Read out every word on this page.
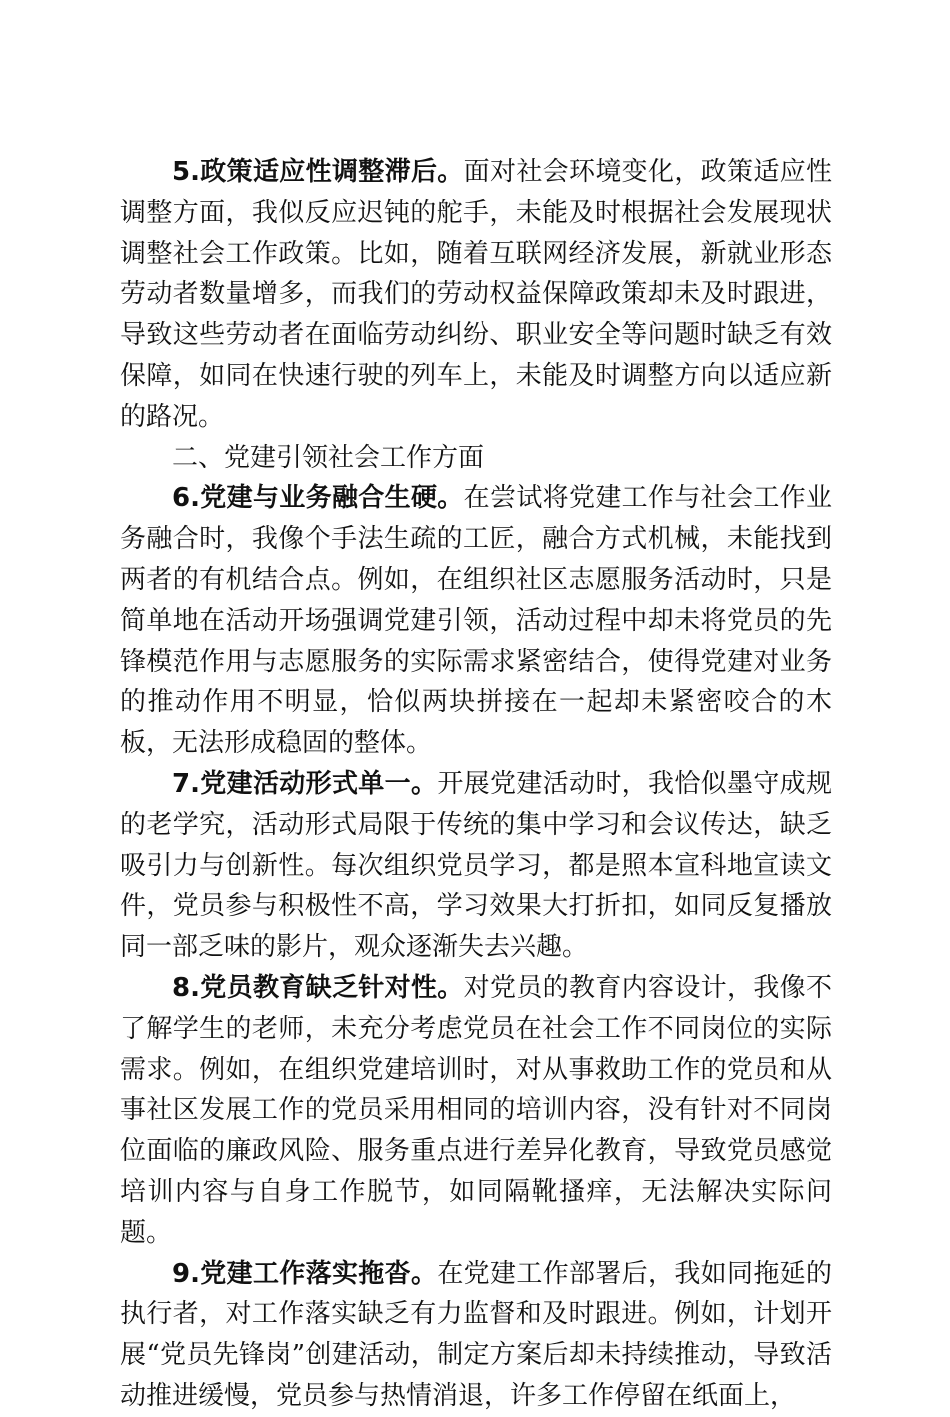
5.政策适应性调整滞后。面对社会环境变化，政策适应性调整方面，我似反应迟钝的舵手，未能及时根据社会发展现状调整社会工作政策。比如，随着互联网经济发展，新就业形态劳动者数量增多，而我们的劳动权益保障政策却未及时跟进，导致这些劳动者在面临劳动纠纷、职业安全等问题时缺乏有效保障，如同在快速行驶的列车上，未能及时调整方向以适应新的路况。

二、党建引领社会工作方面

6.党建与业务融合生硬。在尝试将党建工作与社会工作业务融合时，我像个手法生疏的工匠，融合方式机械，未能找到两者的有机结合点。例如，在组织社区志愿服务活动时，只是简单地在活动开场强调党建引领，活动过程中却未将党员的先锋模范作用与志愿服务的实际需求紧密结合，使得党建对业务的推动作用不明显，恰似两块拼接在一起却未紧密咬合的木板，无法形成稳固的整体。

7.党建活动形式单一。开展党建活动时，我恰似墨守成规的老学究，活动形式局限于传统的集中学习和会议传达，缺乏吸引力与创新性。每次组织党员学习，都是照本宣科地宣读文件，党员参与积极性不高，学习效果大打折扣，如同反复播放同一部乏味的影片，观众逐渐失去兴趣。

8.党员教育缺乏针对性。对党员的教育内容设计，我像不了解学生的老师，未充分考虑党员在社会工作不同岗位的实际需求。例如，在组织党建培训时，对从事救助工作的党员和从事社区发展工作的党员采用相同的培训内容，没有针对不同岗位面临的廉政风险、服务重点进行差异化教育，导致党员感觉培训内容与自身工作脱节，如同隔靴搔痒，无法解决实际问题。

9.党建工作落实拖沓。在党建工作部署后，我如同拖延的执行者，对工作落实缺乏有力监督和及时跟进。例如，计划开展“党员先锋岗”创建活动，制定方案后却未持续推动，导致活动推进缓慢，党员参与热情消退，许多工作停留在纸面上，
